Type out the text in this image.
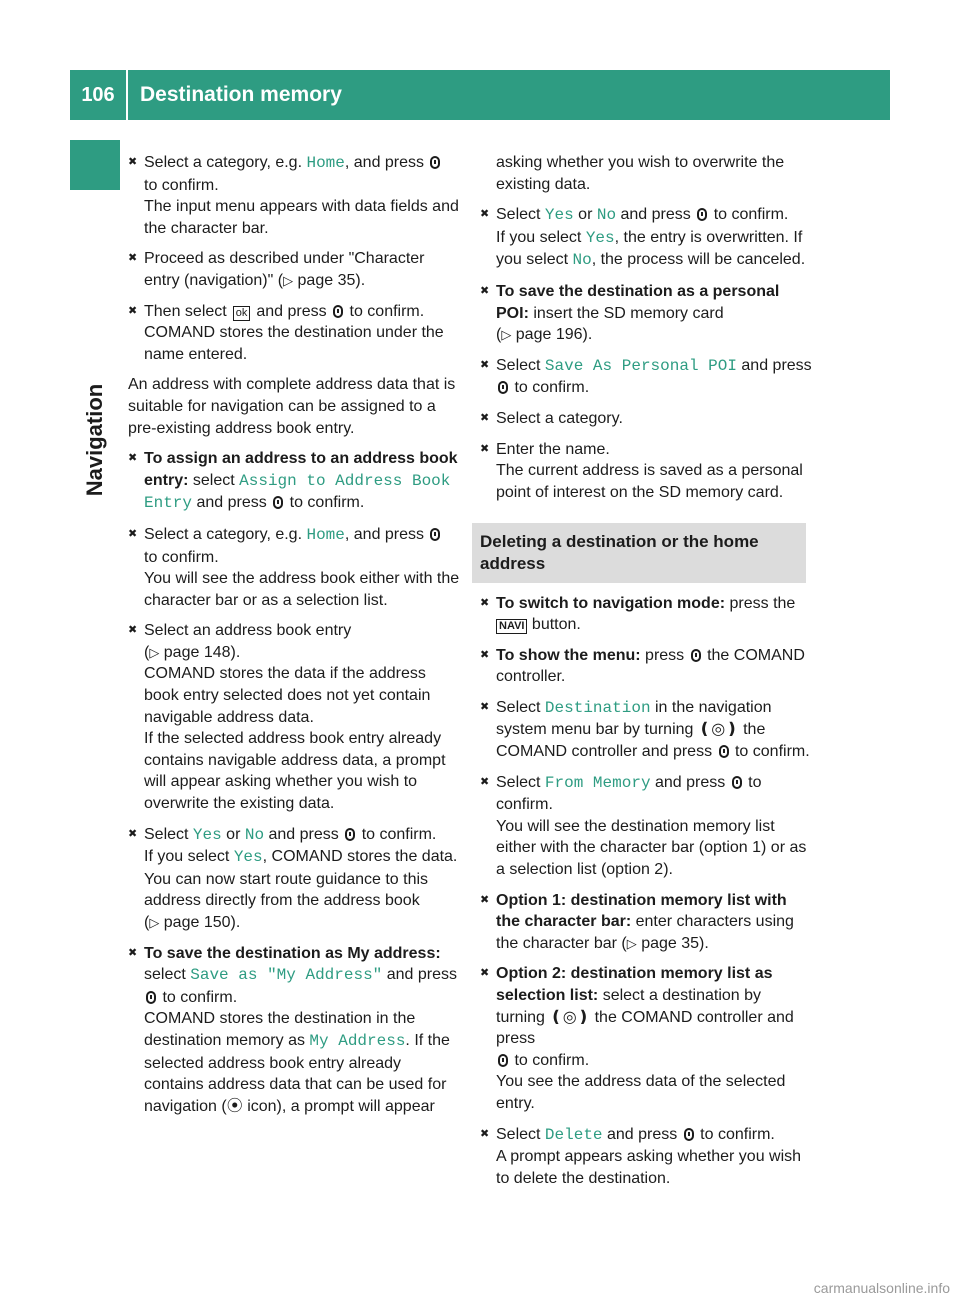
106	Destination memory
Navigation
✖ Select a category, e.g. Home, and press
to confirm.
The input menu appears with data fields and the character bar.
✖ Proceed as described under "Character entry (navigation)" (▷ page 35).
✖ Then select ok and press to confirm.
COMAND stores the destination under the name entered.
An address with complete address data that is suitable for navigation can be assigned to a pre-existing address book entry.
✖ To assign an address to an address book entry: select Assign to Address Book Entry and press to confirm.
✖ Select a category, e.g. Home, and press
to confirm.
You will see the address book either with the character bar or as a selection list.
✖ Select an address book entry
(▷ page 148).
COMAND stores the data if the address book entry selected does not yet contain navigable address data.
If the selected address book entry already contains navigable address data, a prompt will appear asking whether you wish to overwrite the existing data.
✖ Select Yes or No and press to confirm.
If you select Yes, COMAND stores the data.
You can now start route guidance to this address directly from the address book
(▷ page 150).
✖ To save the destination as My address:
select Save as "My Address" and press
to confirm.
COMAND stores the destination in the destination memory as My Address. If the selected address book entry already contains address data that can be used for navigation (⦿ icon), a prompt will appear
asking whether you wish to overwrite the existing data.
✖ Select Yes or No and press to confirm.
If you select Yes, the entry is overwritten. If you select No, the process will be canceled.
✖ To save the destination as a personal POI: insert the SD memory card
(▷ page 196).
✖ Select Save As Personal POI and press
to confirm.
✖ Select a category.
✖ Enter the name.
The current address is saved as a personal point of interest on the SD memory card.
Deleting a destination or the home address
✖ To switch to navigation mode: press the
NAVI button.
✖ To show the menu: press the COMAND controller.
✖ Select Destination in the navigation system menu bar by turning ❪◎❫ the COMAND controller and press to confirm.
✖ Select From Memory and press to confirm.
You will see the destination memory list either with the character bar (option 1) or as a selection list (option 2).
✖ Option 1: destination memory list with the character bar: enter characters using the character bar (▷ page 35).
✖ Option 2: destination memory list as selection list: select a destination by turning ❪◎❫ the COMAND controller and press
to confirm.
You see the address data of the selected entry.
✖ Select Delete and press to confirm.
A prompt appears asking whether you wish to delete the destination.
carmanualsonline.info
